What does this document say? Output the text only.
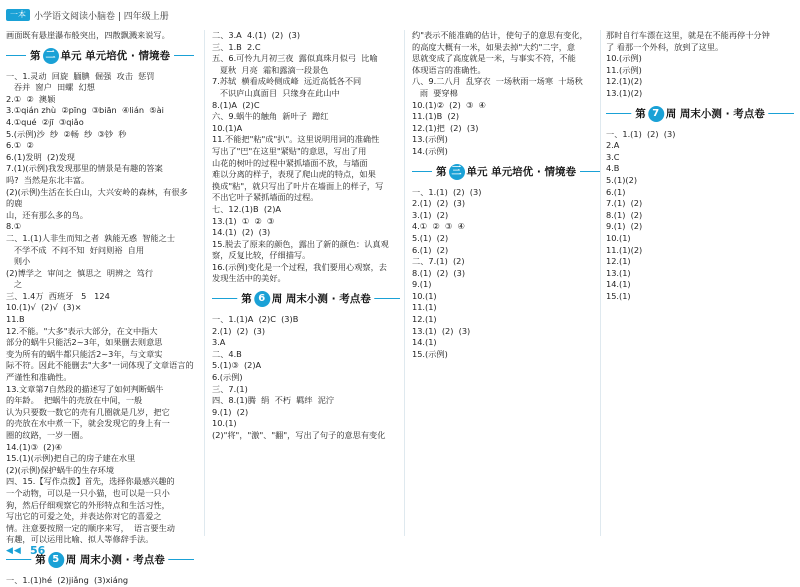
一本 小学语文阅读小脑卷 | 四年级上册

画面既有悬崖瀑布般突出，四散飘溅来说写。

第 二 单元 单元培优 · 情境卷

一、1.灵动  回旋  腼腆  倔强  攻击  惩罚
吞并  窗户  田螺  幻想
2.①  ②  澳颖
3.①qián zhù  ②pīng  ③biān  ④lián  ⑤ài
4.①qué  ②jī  ③qiǎo
5.(示例)沙  纱  ②畅  纱  ③钞  秒
6.①  ②
6.(1)发明  (2)发现
7.(1)(示例)我发现那里的情景是有趣的答案
吗?  当然是东北丰富。
(2)(示例)生活在长白山，大兴安岭的森林，有很多的鹿
山，还有那么多的鸟。
8.①
二、1.(1)人非生而知之者  孰能无惑  智能之士
不学不成  不问不知  好问则裕  自用
则小
(2)博学之  审问之  慎思之  明辨之  笃行
之

三、1.4万  西班牙   5   124
10.(1)√  (2)√  (3)×
11.B
12.不能。"大多"表示大部分，在文中指大
部分的蜗牛只能活2~3年，如果删去则意思
变为所有的蜗牛都只能活2~3年，与文章实
际不符。因此不能删去"大多"一词体现了文章语言的
严谨性和准确性。
13.文章第7自然段的描述写了如何判断蜗牛
的年龄。  把蜗牛的壳放在中间，一般
认为只要数一数它的壳有几圈就是几岁，把它
的壳放在水中煮一下，就会发现它的身上有一
圈的纹路，一岁一圈。
14.(1)③  (2)④
15.(1)(示例)把自己的房子建在水里
(2)(示例)保护蜗牛的生存环境
四、15.【写作点拨】首先，选择你最感兴趣的
一个动物，可以是一只小猫，也可以是一只小
狗，然后仔细观察它的外形特点和生活习性，
写出它的可爱之处，并表达你对它的喜爱之
情。注意要按照一定的顺序来写，  语言要生动
有趣，可以运用比喻、拟人等修辞手法。

第 5 周 周末小测 · 考点卷

一、1.(1)hé  (2)jiǎng  (3)xiáng

二、3.A  4.(1)  (2)  (3)
三、1.B  2.C
五、6.可怜九月初三夜  露似真珠月似弓  比喻
夏秋  月亮  霜和露滴一段景色
7.苏轼  横看成岭侧成峰  远近高低各不同
不识庐山真面目  只缘身在此山中
8.(1)A  (2)C
六、9.蜗牛的触角  新叶子  蹭红
10.(1)A
11.不能把"粘"成"扒"。这里说明用词的准确性
写出了"巴"在这里"紧贴"的意思，写出了用
山花的树叶的过程中紧抓墙面不放，与墙面
难以分离的样子，表现了爬山虎的特点，如果
换成"粘"，就只写出了叶片在墙面上的样子，写
不出它叶子紧抓墙面的过程。
七、12.(1)B  (2)A
13.(1)  ①  ②  ③
14.(1)  (2)  (3)
15.脱去了原来的颜色，露出了新的颜色：认真观
察，反复比较，仔细描写。
16.(示例)变化是一个过程，我们要用心观察，去
发现生活中的美好。

第 6 周 周末小测 · 考点卷

一、1.(1)A  (2)C  (3)B
2.(1)  (2)  (3)
3.A
二、4.B
5.(1)③  (2)A
6.(示例)
三、7.(1)
四、8.(1)腾  绢  不朽  羁绊  泥泞
9.(1)  (2)
10.(1)
(2)"将"，"激"、"翻"，写出了句子的意思有变化

约"表示不能准确的估计，使句子的意思有变化，
的高度大概有一米，如果去掉"大约"二字，意
思就变成了高度就是一米，与事实不符，不能
体现语言的准确性。
八、9.二八月  乱穿衣  一场秋雨一场寒  十场秋
雨  要穿棉
10.(1)②  (2)  ③  ④
11.(1)B  (2)
12.(1)把  (2)  (3)
13.(示例)
14.(示例)

第 三 单元 单元培优 · 情境卷

一、1.(1)  (2)  (3)
2.(1)  (2)  (3)
3.(1)  (2)
4.①  ②  ③  ④
5.(1)  (2)
6.(1)  (2)
二、7.(1)  (2)
8.(1)  (2)  (3)
9.(1)
10.(1)
11.(1)
12.(1)
13.(1)  (2)  (3)
14.(1)
15.(示例)

那时自行车漂在这里，就是在不能再停十分钟
了 看那一个外科，放到了这里。
10.(示例)
11.(示例)
12.(1)(2)
13.(1)(2)

第 7 周 周末小测 · 考点卷

一、1.(1)  (2)  (3)
2.A
3.C
4.B
5.(1)(2)
6.(1)
7.(1)  (2)
8.(1)  (2)
9.(1)  (2)
10.(1)
11.(1)(2)
12.(1)
13.(1)
14.(1)
15.(1)

◀◀ 56
